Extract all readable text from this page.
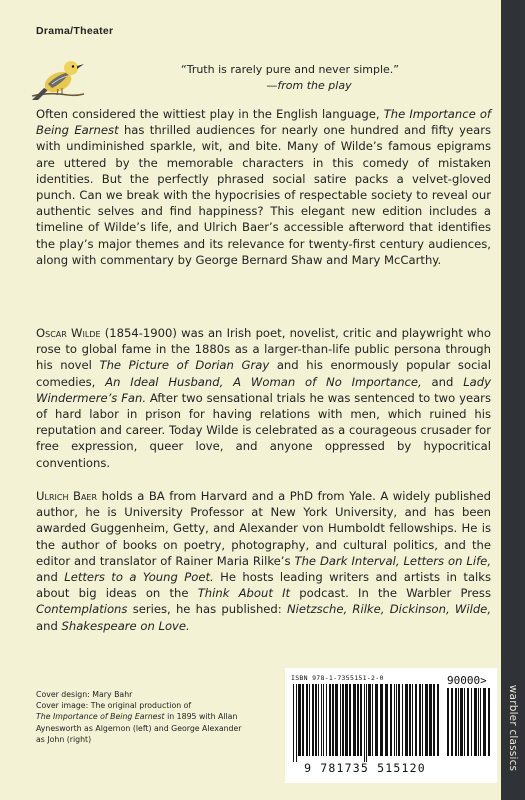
Drama/Theater
“Truth is rarely pure and never simple.”
—from the play

Often considered the wittiest play in the English language, The Importance of Being Earnest has thrilled audiences for nearly one hundred and fifty years with undiminished sparkle, wit, and bite. Many of Wilde’s famous epigrams are uttered by the memorable characters in this comedy of mistaken identities. But the perfectly phrased social satire packs a velvet-gloved punch. Can we break with the hypocrisies of respectable society to reveal our authentic selves and find happiness? This elegant new edition includes a timeline of Wilde’s life, and Ulrich Baer’s accessible afterword that identifies the play’s major themes and its relevance for twenty-first century audiences, along with commentary by George Bernard Shaw and Mary McCarthy.

Oscar Wilde (1854-1900) was an Irish poet, novelist, critic and playwright who rose to global fame in the 1880s as a larger-than-life public persona through his novel The Picture of Dorian Gray and his enormously popular social comedies, An Ideal Husband, A Woman of No Importance, and Lady Windermere’s Fan. After two sensational trials he was sentenced to two years of hard labor in prison for having relations with men, which ruined his reputation and career. Today Wilde is celebrated as a courageous crusader for free expression, queer love, and anyone oppressed by hypocritical conventions.

Ulrich Baer holds a BA from Harvard and a PhD from Yale. A widely published author, he is University Professor at New York University, and has been awarded Guggenheim, Getty, and Alexander von Humboldt fellowships. He is the author of books on poetry, photography, and cultural politics, and the editor and translator of Rainer Maria Rilke’s The Dark Interval, Letters on Life, and Letters to a Young Poet. He hosts leading writers and artists in talks about big ideas on the Think About It podcast. In the Warbler Press Contemplations series, he has published: Nietzsche, Rilke, Dickinson, Wilde, and Shakespeare on Love.

Cover design: Mary Bahr
Cover image: The original production of
The Importance of Being Earnest in 1895 with Allan Aynesworth as Algernon (left) and George Alexander as John (right)
ISBN 978-1-7355151-2-0	90000>
9 781735 515120	warbler classics
